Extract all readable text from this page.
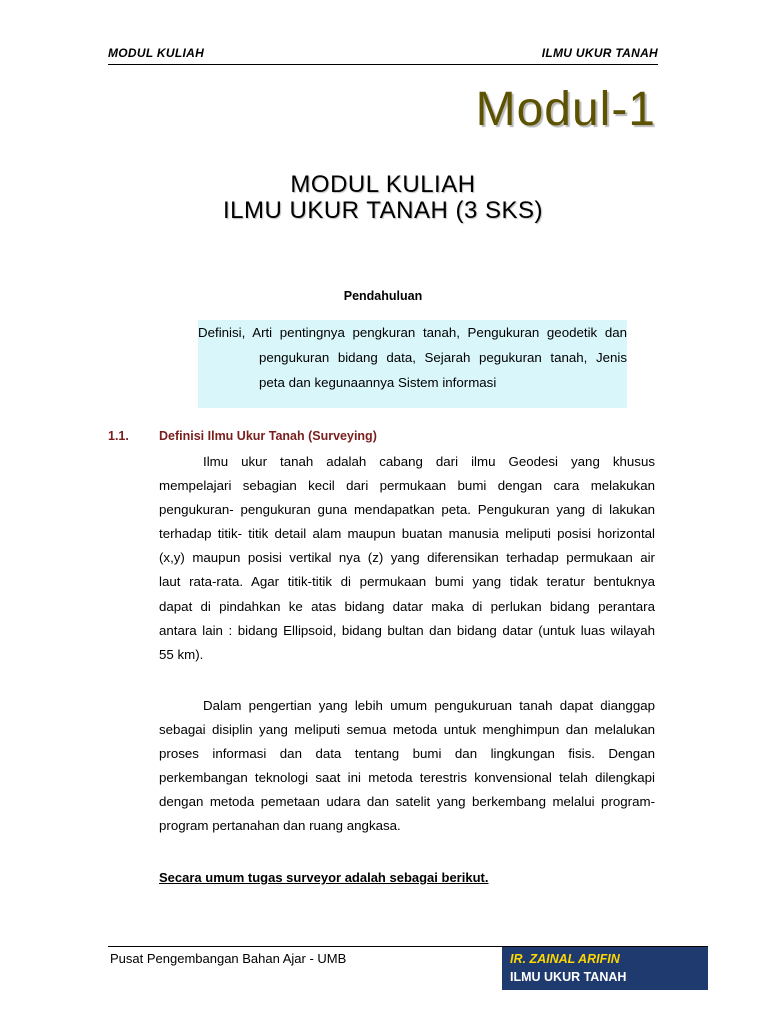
MODUL KULIAH	ILMU UKUR TANAH
Modul-1
MODUL KULIAH
ILMU UKUR TANAH (3 SKS)
Pendahuluan
Definisi, Arti pentingnya pengkuran tanah, Pengukuran geodetik dan
pengukuran bidang data, Sejarah pegukuran tanah, Jenis
peta dan kegunaannya Sistem informasi
1.1. Definisi Ilmu Ukur Tanah (Surveying)
Ilmu ukur tanah adalah cabang dari ilmu Geodesi yang khusus
mempelajari sebagian kecil dari permukaan bumi dengan cara melakukan
pengukuran- pengukuran guna mendapatkan peta. Pengukuran yang di lakukan
terhadap titik- titik detail alam maupun buatan manusia meliputi posisi horizontal
(x,y) maupun posisi vertikal nya (z) yang diferensikan terhadap permukaan air
laut rata-rata. Agar titik-titik di permukaan bumi yang tidak teratur bentuknya
dapat di pindahkan ke atas bidang datar maka di perlukan bidang perantara
antara lain : bidang Ellipsoid, bidang bultan dan bidang datar (untuk luas wilayah
55 km).
Dalam pengertian yang lebih umum pengukuruan tanah dapat dianggap
sebagai disiplin yang meliputi semua metoda untuk menghimpun dan melalukan
proses informasi dan data tentang bumi dan lingkungan fisis. Dengan
perkembangan teknologi saat ini metoda terestris konvensional telah dilengkapi
dengan metoda pemetaan udara dan satelit yang berkembang melalui program-
program pertanahan dan ruang angkasa.
Secara umum tugas surveyor adalah sebagai berikut.
Pusat Pengembangan Bahan Ajar - UMB	IR. ZAINAL ARIFIN
ILMU UKUR TANAH
